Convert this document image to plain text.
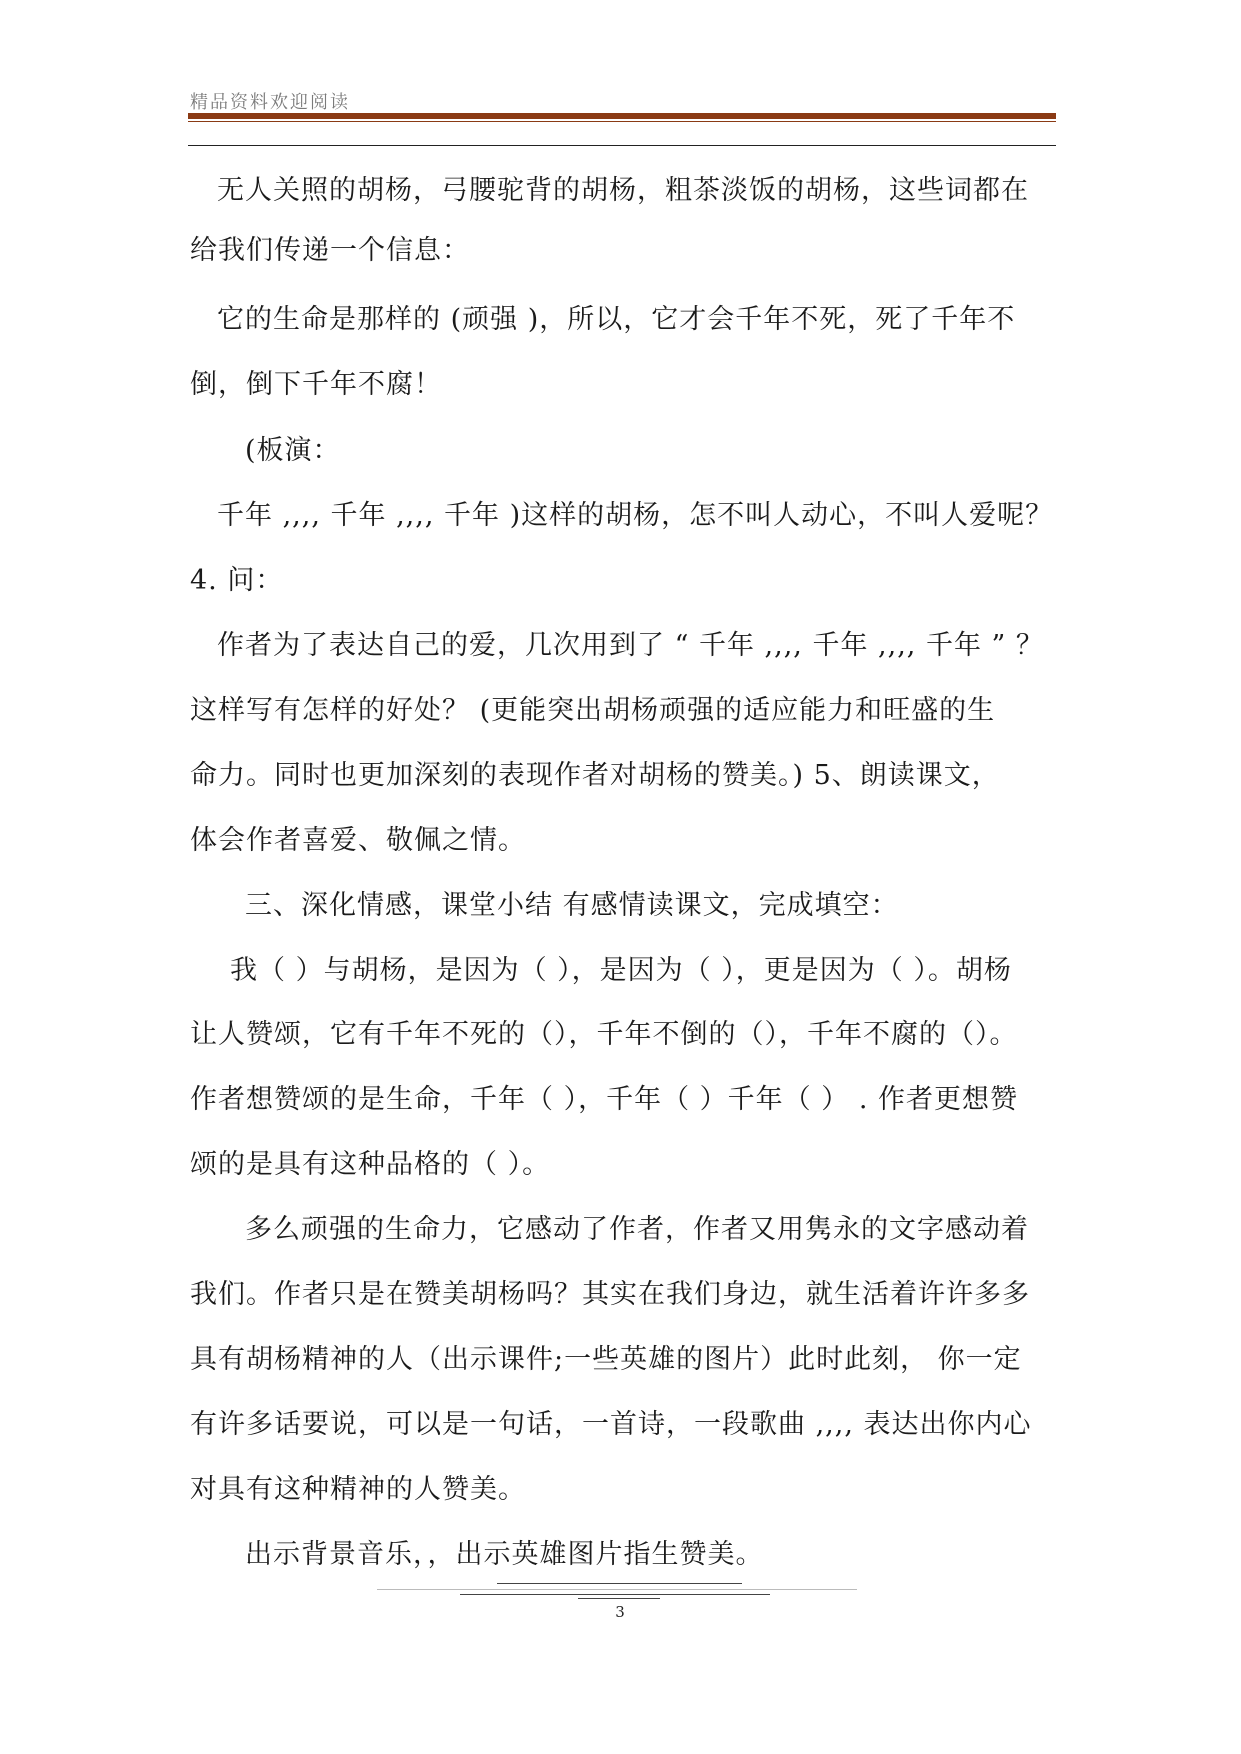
精品资料欢迎阅读
无人关照的胡杨，弓腰驼背的胡杨，粗茶淡饭的胡杨，这些词都在
给我们传递一个信息：
它的生命是那样的 (顽强 )，所以，它才会千年不死，死了千年不
倒，倒下千年不腐！
(板演：
千年 ,,,, 千年 ,,,, 千年 )这样的胡杨，怎不叫人动心，不叫人爱呢？
4. 问：
作者为了表达自己的爱，几次用到了 “ 千年 ,,,, 千年 ,,,, 千年 ” ？
这样写有怎样的好处？ (更能突出胡杨顽强的适应能力和旺盛的生
命力。同时也更加深刻的表现作者对胡杨的赞美。) 5、朗读课文，
体会作者喜爱、敬佩之情。
三、深化情感，课堂小结 有感情读课文，完成填空：
我（ ）与胡杨，是因为（ ），是因为（ ），更是因为（ ）。胡杨
让人赞颂，它有千年不死的（），千年不倒的（），千年不腐的（）。
作者想赞颂的是生命，千年（ ），千年（ ）千年（ ） . 作者更想赞
颂的是具有这种品格的（ ）。
多么顽强的生命力，它感动了作者，作者又用隽永的文字感动着
我们。作者只是在赞美胡杨吗？其实在我们身边，就生活着许许多多
具有胡杨精神的人（出示课件;一些英雄的图片）此时此刻， 你一定
有许多话要说，可以是一句话，一首诗，一段歌曲 ,,,, 表达出你内心
对具有这种精神的人赞美。
出示背景音乐，，出示英雄图片指生赞美。
3
